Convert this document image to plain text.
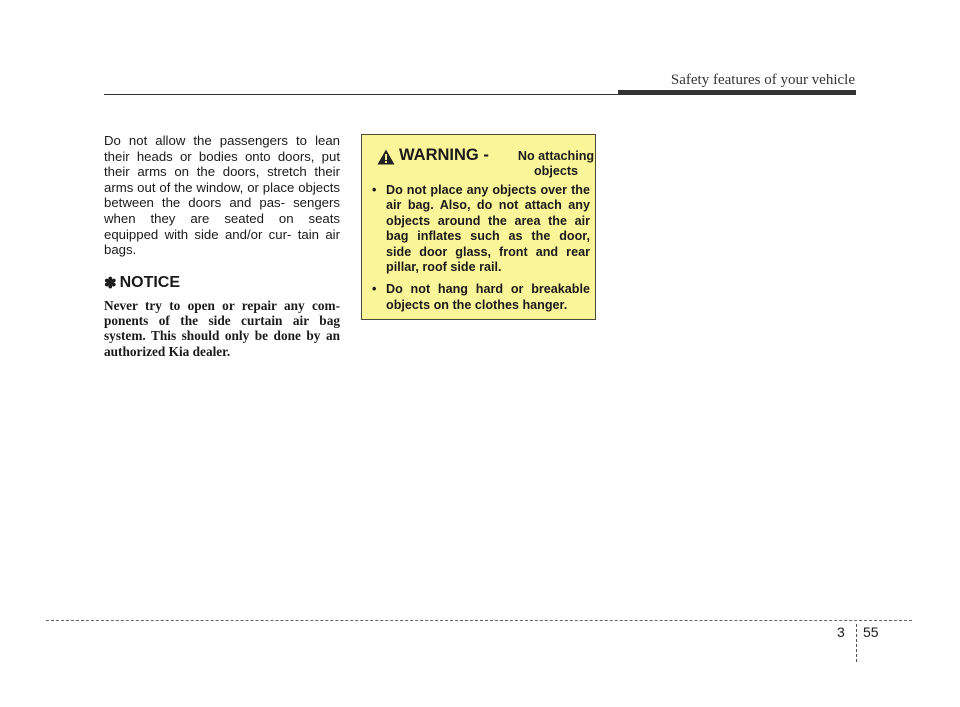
Safety features of your vehicle

Do not allow the passengers to lean their heads or bodies onto doors, put their arms on the doors, stretch their arms out of the window, or place objects between the doors and pas- sengers when they are seated on seats equipped with side and/or cur- tain air bags.

✽ NOTICE

Never try to open or repair any com- ponents of the side curtain air bag system. This should only be done by an authorized Kia dealer.

WARNING -	No attaching
objects
• Do not place any objects over the air bag. Also, do not attach any objects around the area the air bag inflates such as the door, side door glass, front and rear pillar, roof side rail.
• Do not hang hard or breakable objects on the clothes hanger.
3 55
